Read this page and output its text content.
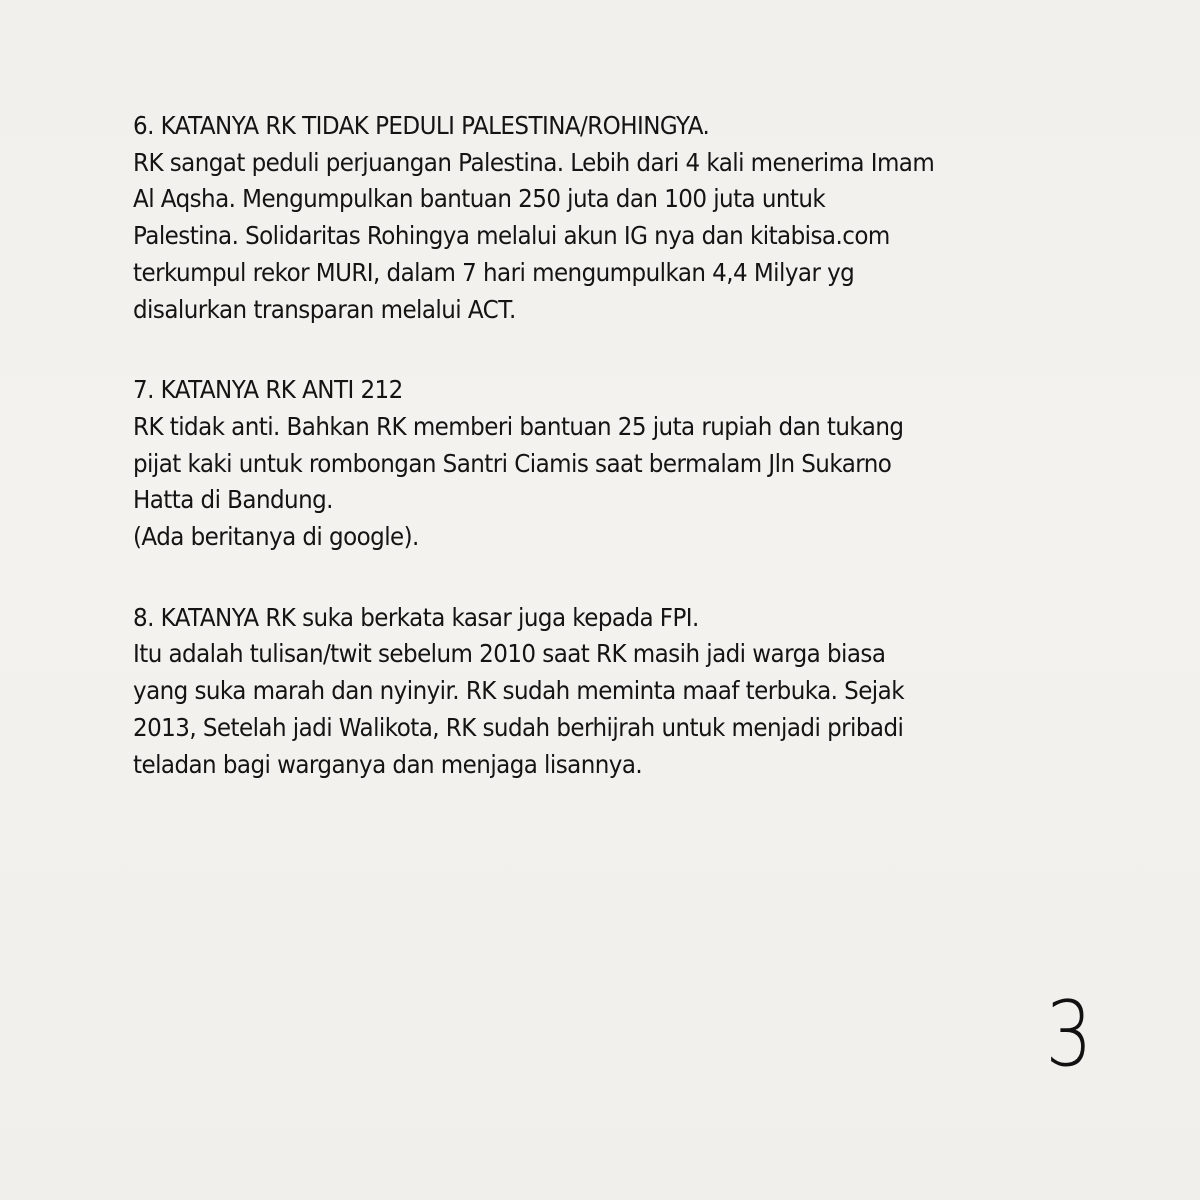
6. KATANYA RK TIDAK PEDULI PALESTINA/ROHINGYA.
RK sangat peduli perjuangan Palestina. Lebih dari 4 kali menerima Imam
Al Aqsha. Mengumpulkan bantuan 250 juta dan 100 juta untuk
Palestina. Solidaritas Rohingya melalui akun IG nya dan kitabisa.com
terkumpul rekor MURI, dalam 7 hari mengumpulkan 4,4 Milyar yg
disalurkan transparan melalui ACT.
7. KATANYA RK ANTI 212
RK tidak anti. Bahkan RK memberi bantuan 25 juta rupiah dan tukang
pijat kaki untuk rombongan Santri Ciamis saat bermalam Jln Sukarno
Hatta di Bandung.
(Ada beritanya di google).
8. KATANYA RK suka berkata kasar juga kepada FPI.
Itu adalah tulisan/twit sebelum 2010 saat RK masih jadi warga biasa
yang suka marah dan nyinyir. RK sudah meminta maaf terbuka. Sejak
2013, Setelah jadi Walikota, RK sudah berhijrah untuk menjadi pribadi
teladan bagi warganya dan menjaga lisannya.
3
